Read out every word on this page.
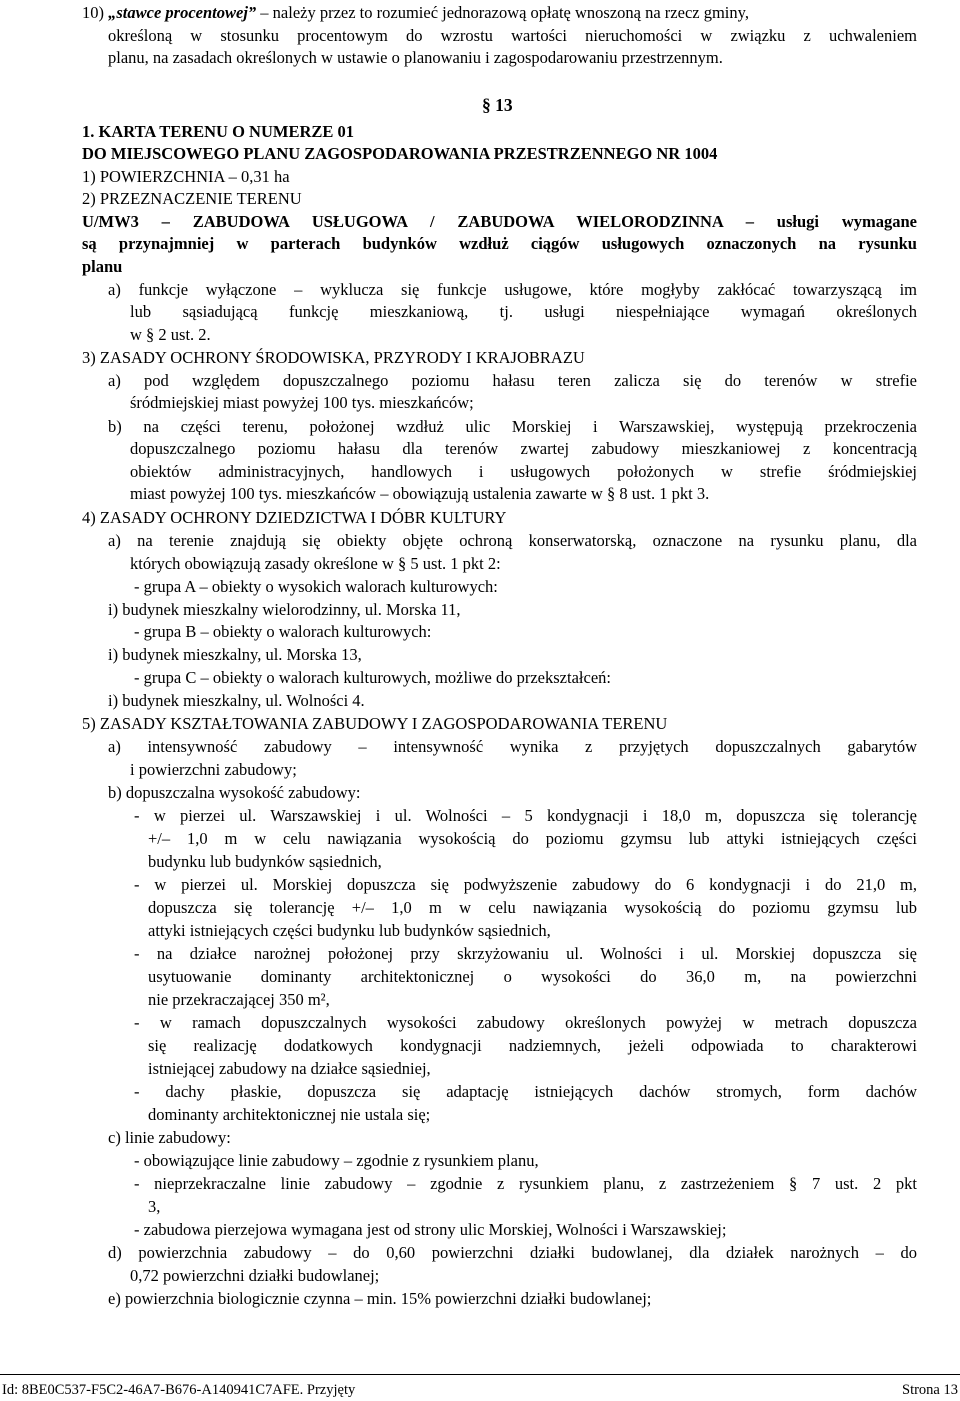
10) „stawce procentowej” – należy przez to rozumieć jednorazową opłatę wnoszoną na rzecz gminy,
określoną w stosunku procentowym do wzrostu wartości nieruchomości w związku z uchwaleniem
planu, na zasadach określonych w ustawie o planowaniu i zagospodarowaniu przestrzennym.
§ 13
1. KARTA TERENU O NUMERZE 01
DO MIEJSCOWEGO PLANU ZAGOSPODAROWANIA PRZESTRZENNEGO NR 1004
1) POWIERZCHNIA – 0,31 ha
2) PRZEZNACZENIE TERENU
U/MW3 – ZABUDOWA USŁUGOWA / ZABUDOWA WIELORODZINNA – usługi wymagane
są przynajmniej w parterach budynków wzdłuż ciągów usługowych oznaczonych na rysunku
planu
a) funkcje wyłączone – wyklucza się funkcje usługowe, które mogłyby zakłócać towarzyszącą im
lub sąsiadującą funkcję mieszkaniową, tj. usługi niespełniające wymagań określonych
w § 2 ust. 2.
3) ZASADY OCHRONY ŚRODOWISKA, PRZYRODY I KRAJOBRAZU
a) pod względem dopuszczalnego poziomu hałasu teren zalicza się do terenów w strefie
śródmiejskiej miast powyżej 100 tys. mieszkańców;
b) na części terenu, położonej wzdłuż ulic Morskiej i Warszawskiej, występują przekroczenia
dopuszczalnego poziomu hałasu dla terenów zwartej zabudowy mieszkaniowej z koncentracją
obiektów administracyjnych, handlowych i usługowych położonych w strefie śródmiejskiej
miast powyżej 100 tys. mieszkańców – obowiązują ustalenia zawarte w § 8 ust. 1 pkt 3.
4) ZASADY OCHRONY DZIEDZICTWA I DÓBR KULTURY
a) na terenie znajdują się obiekty objęte ochroną konserwatorską, oznaczone na rysunku planu, dla
których obowiązują zasady określone w § 5 ust. 1 pkt 2:
- grupa A – obiekty o wysokich walorach kulturowych:
i) budynek mieszkalny wielorodzinny, ul. Morska 11,
- grupa B – obiekty o walorach kulturowych:
i) budynek mieszkalny, ul. Morska 13,
- grupa C – obiekty o walorach kulturowych, możliwe do przekształceń:
i) budynek mieszkalny, ul. Wolności 4.
5) ZASADY KSZTAŁTOWANIA ZABUDOWY I ZAGOSPODAROWANIA TERENU
a) intensywność zabudowy – intensywność wynika z przyjętych dopuszczalnych gabarytów
i powierzchni zabudowy;
b) dopuszczalna wysokość zabudowy:
- w pierzei ul. Warszawskiej i ul. Wolności – 5 kondygnacji i 18,0 m, dopuszcza się tolerancję
+/– 1,0 m w celu nawiązania wysokością do poziomu gzymsu lub attyki istniejących części
budynku lub budynków sąsiednich,
- w pierzei ul. Morskiej dopuszcza się podwyższenie zabudowy do 6 kondygnacji i do 21,0 m,
dopuszcza się tolerancję +/– 1,0 m w celu nawiązania wysokością do poziomu gzymsu lub
attyki istniejących części budynku lub budynków sąsiednich,
- na działce narożnej położonej przy skrzyżowaniu ul. Wolności i ul. Morskiej dopuszcza się
usytuowanie dominanty architektonicznej o wysokości do 36,0 m, na powierzchni
nie przekraczającej 350 m²,
- w ramach dopuszczalnych wysokości zabudowy określonych powyżej w metrach dopuszcza
się realizację dodatkowych kondygnacji nadziemnych, jeżeli odpowiada to charakterowi
istniejącej zabudowy na działce sąsiedniej,
- dachy płaskie, dopuszcza się adaptację istniejących dachów stromych, form dachów
dominanty architektonicznej nie ustala się;
c) linie zabudowy:
- obowiązujące linie zabudowy – zgodnie z rysunkiem planu,
- nieprzekraczalne linie zabudowy – zgodnie z rysunkiem planu, z zastrzeżeniem § 7 ust. 2 pkt
3,
- zabudowa pierzejowa wymagana jest od strony ulic Morskiej, Wolności i Warszawskiej;
d) powierzchnia zabudowy – do 0,60 powierzchni działki budowlanej, dla działek narożnych – do
0,72 powierzchni działki budowlanej;
e) powierzchnia biologicznie czynna – min. 15% powierzchni działki budowlanej;
Id: 8BE0C537-F5C2-46A7-B676-A140941C7AFE. Przyjęty	Strona 13
